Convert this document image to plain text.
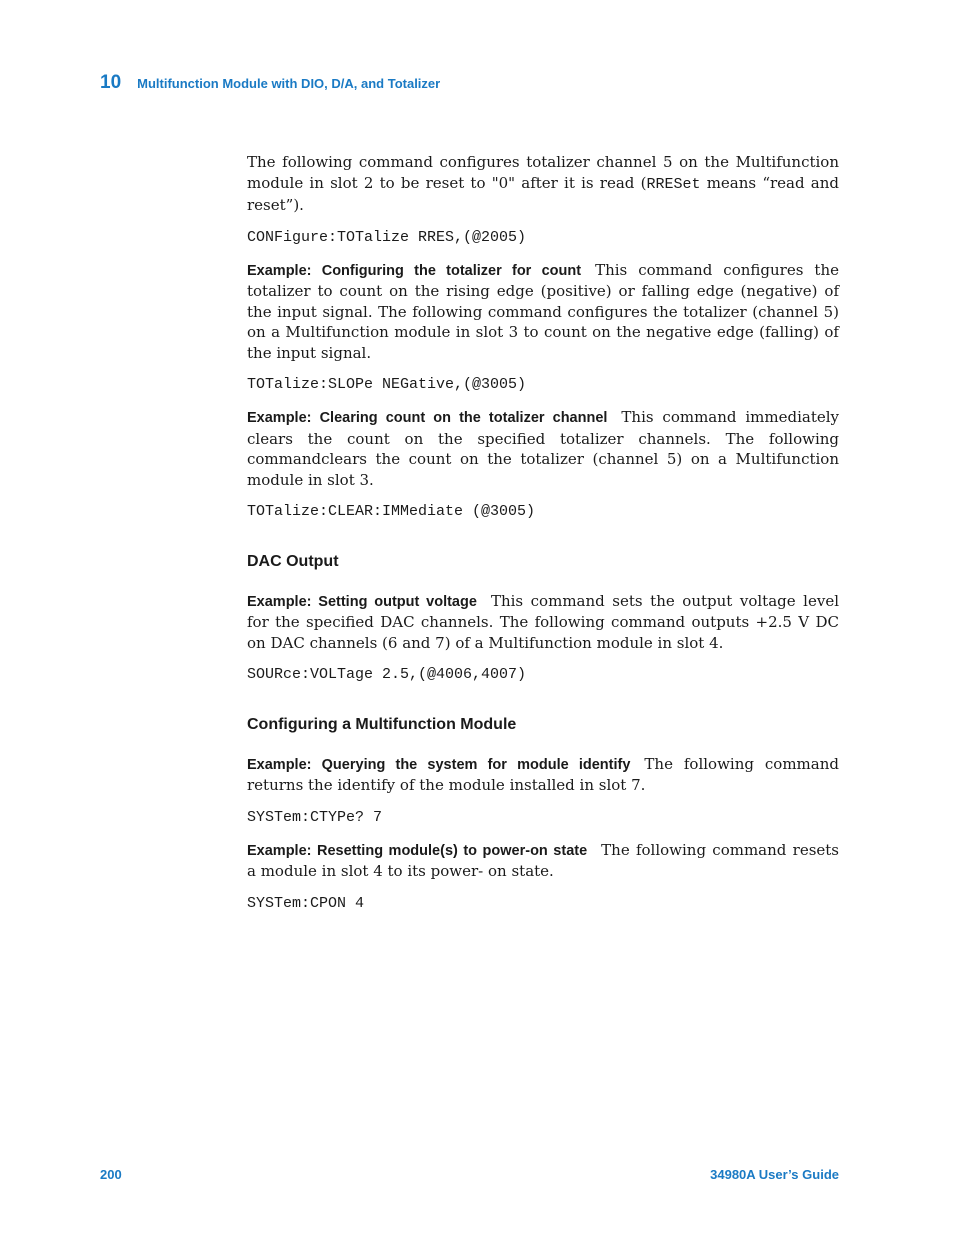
10 Multifunction Module with DIO, D/A, and Totalizer

The following command configures totalizer channel 5 on the Multifunction module in slot 2 to be reset to "0" after it is read (RRESet means “read and reset”).

CONFigure:TOTalize RRES,(@2005)

Example: Configuring the totalizer for count This command configures the totalizer to count on the rising edge (positive) or falling edge (negative) of the input signal. The following command configures the totalizer (channel 5) on a Multifunction module in slot 3 to count on the negative edge (falling) of the input signal.

TOTalize:SLOPe NEGative,(@3005)

Example: Clearing count on the totalizer channel This command immediately clears the count on the specified totalizer channels. The following commandclears the count on the totalizer (channel 5) on a Multifunction module in slot 3.

TOTalize:CLEAR:IMMediate (@3005)
DAC Output

Example: Setting output voltage This command sets the output voltage level for the specified DAC channels. The following command outputs +2.5 V DC on DAC channels (6 and 7) of a Multifunction module in slot 4.

SOURce:VOLTage 2.5,(@4006,4007)
Configuring a Multifunction Module

Example: Querying the system for module identify The following command returns the identify of the module installed in slot 7.

SYSTem:CTYPe? 7

Example: Resetting module(s) to power-on state The following command resets a module in slot 4 to its power- on state.

SYSTem:CPON 4
200	34980A User’s Guide
